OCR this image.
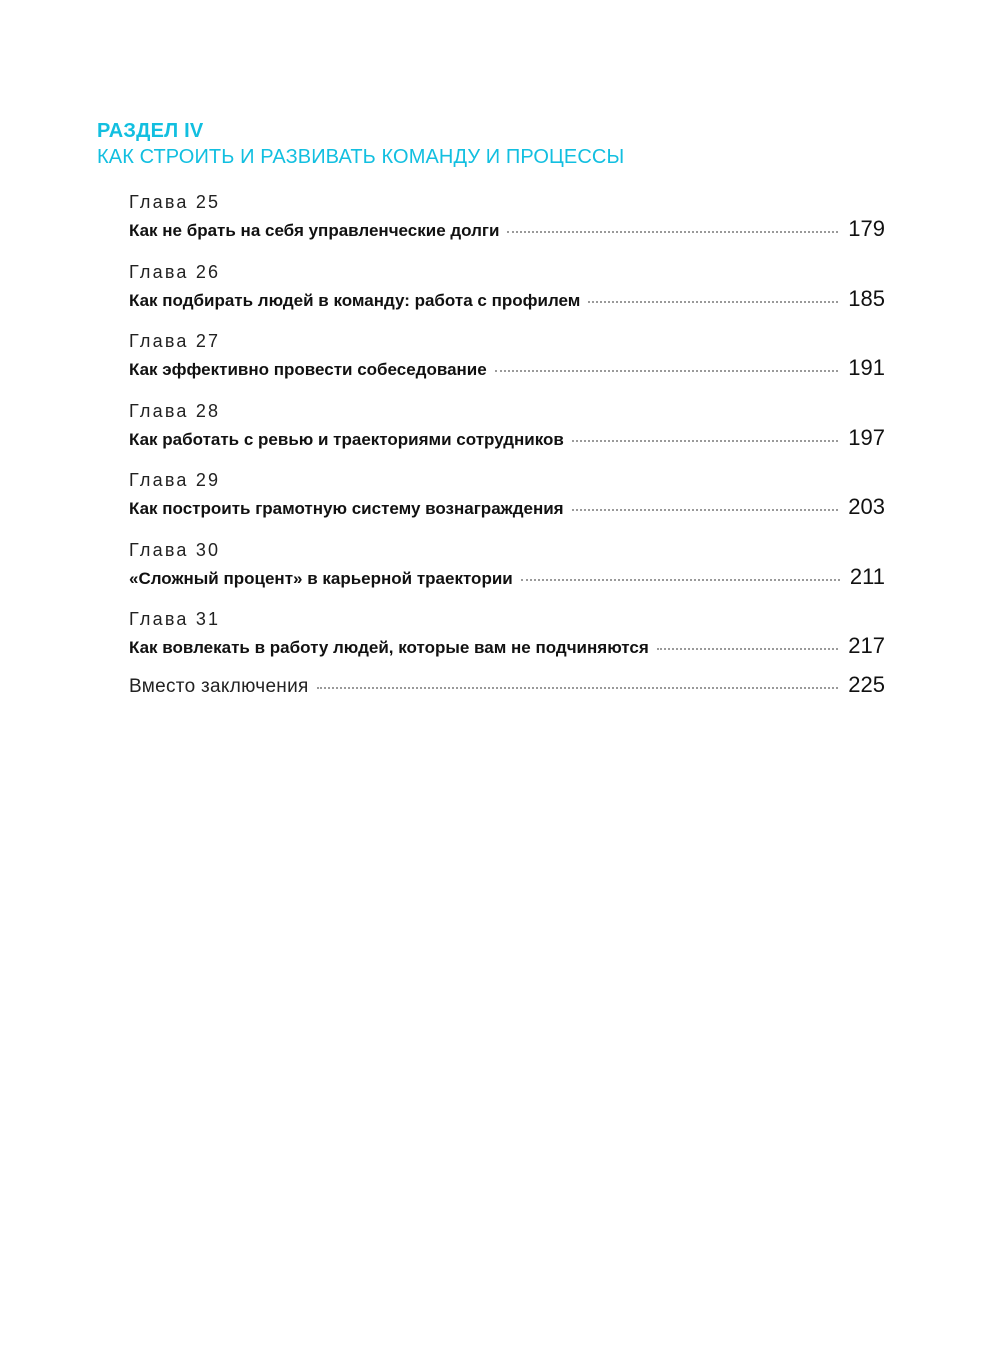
РАЗДЕЛ IV
КАК СТРОИТЬ И РАЗВИВАТЬ КОМАНДУ И ПРОЦЕССЫ
Глава 25
Как не брать на себя управленческие долги	179
Глава 26
Как подбирать людей в команду: работа с профилем	185
Глава 27
Как эффективно провести собеседование	191
Глава 28
Как работать с ревью и траекториями сотрудников	197
Глава 29
Как построить грамотную систему вознаграждения	203
Глава 30
«Сложный процент» в карьерной траектории	211
Глава 31
Как вовлекать в работу людей, которые вам не подчиняются	217
Вместо заключения	225
